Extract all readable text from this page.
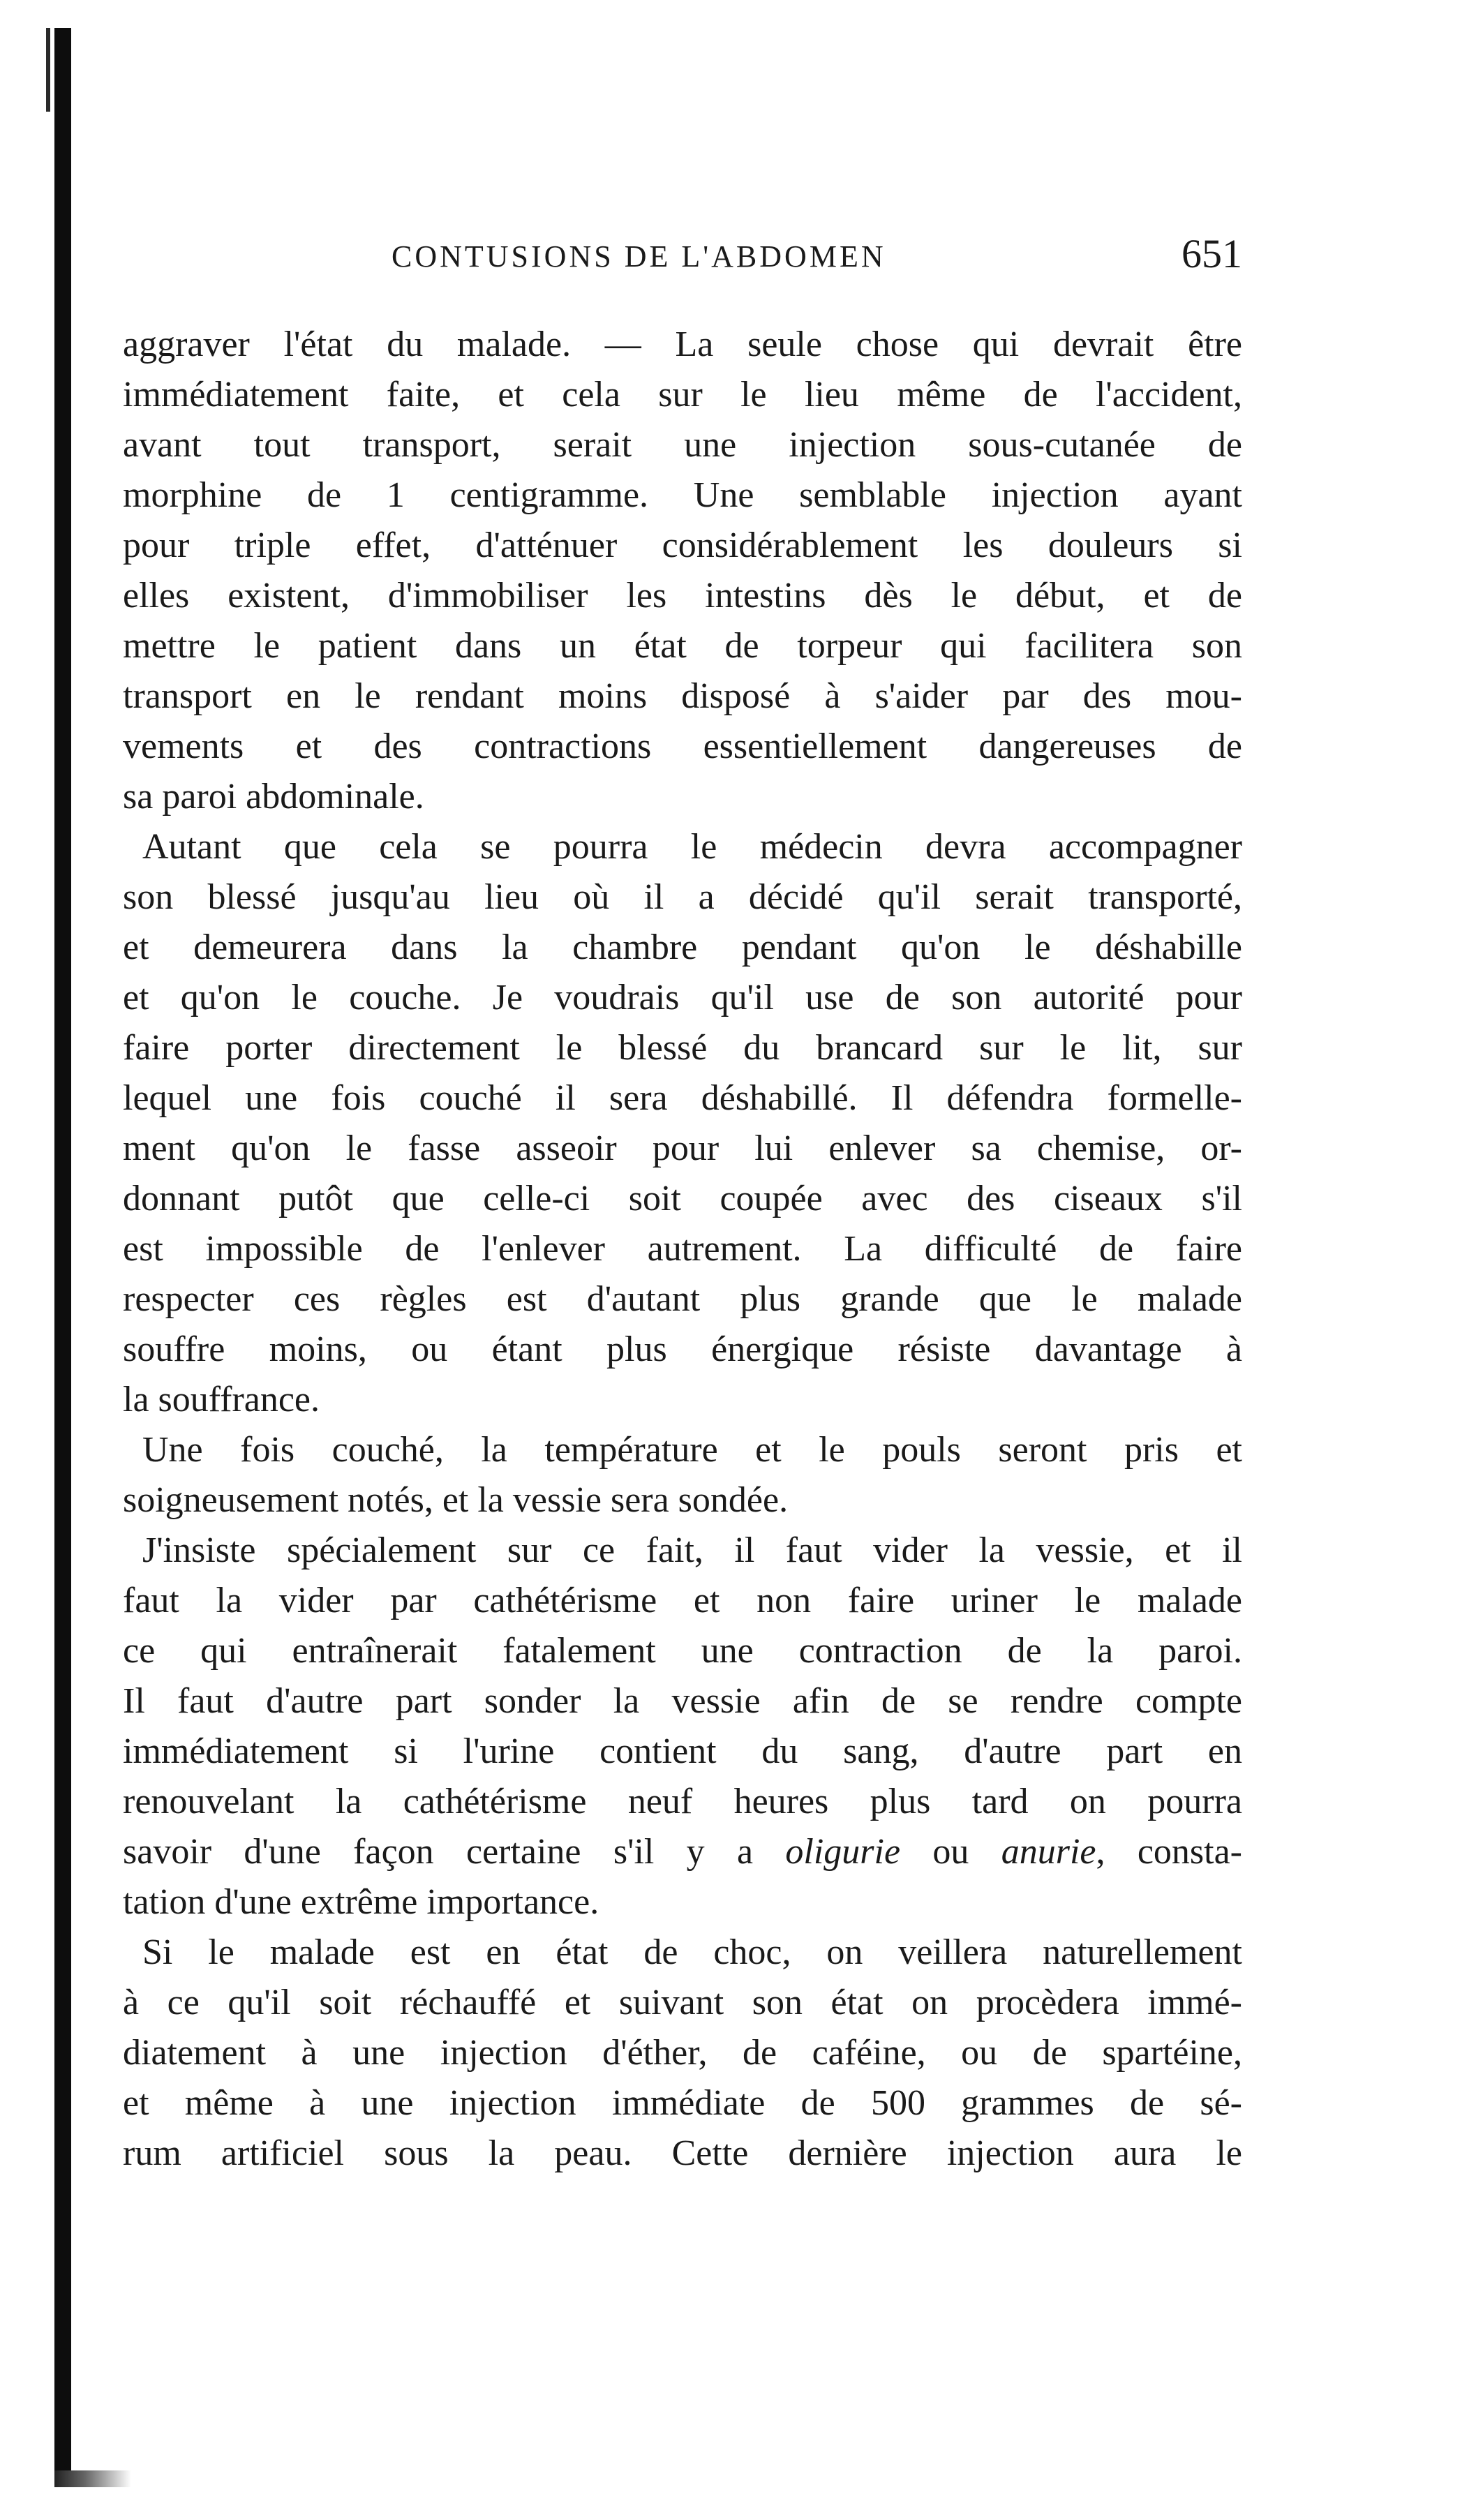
CONTUSIONS DE L'ABDOMEN	651
aggraver l'état du malade. — La seule chose qui devrait être
immédiatement faite, et cela sur le lieu même de l'accident,
avant tout transport, serait une injection sous-cutanée de
morphine de 1 centigramme. Une semblable injection ayant
pour triple effet, d'atténuer considérablement les douleurs si
elles existent, d'immobiliser les intestins dès le début, et de
mettre le patient dans un état de torpeur qui facilitera son
transport en le rendant moins disposé à s'aider par des mou-
vements et des contractions essentiellement dangereuses de
sa paroi abdominale.
Autant que cela se pourra le médecin devra accompagner
son blessé jusqu'au lieu où il a décidé qu'il serait transporté,
et demeurera dans la chambre pendant qu'on le déshabille
et qu'on le couche. Je voudrais qu'il use de son autorité pour
faire porter directement le blessé du brancard sur le lit, sur
lequel une fois couché il sera déshabillé. Il défendra formelle-
ment qu'on le fasse asseoir pour lui enlever sa chemise, or-
donnant putôt que celle-ci soit coupée avec des ciseaux s'il
est impossible de l'enlever autrement. La difficulté de faire
respecter ces règles est d'autant plus grande que le malade
souffre moins, ou étant plus énergique résiste davantage à
la souffrance.
Une fois couché, la température et le pouls seront pris et
soigneusement notés, et la vessie sera sondée.
J'insiste spécialement sur ce fait, il faut vider la vessie, et il
faut la vider par cathétérisme et non faire uriner le malade
ce qui entraînerait fatalement une contraction de la paroi.
Il faut d'autre part sonder la vessie afin de se rendre compte
immédiatement si l'urine contient du sang, d'autre part en
renouvelant la cathétérisme neuf heures plus tard on pourra
savoir d'une façon certaine s'il y a oligurie ou anurie, consta-
tation d'une extrême importance.
Si le malade est en état de choc, on veillera naturellement
à ce qu'il soit réchauffé et suivant son état on procèdera immé-
diatement à une injection d'éther, de caféine, ou de spartéine,
et même à une injection immédiate de 500 grammes de sé-
rum artificiel sous la peau. Cette dernière injection aura le
